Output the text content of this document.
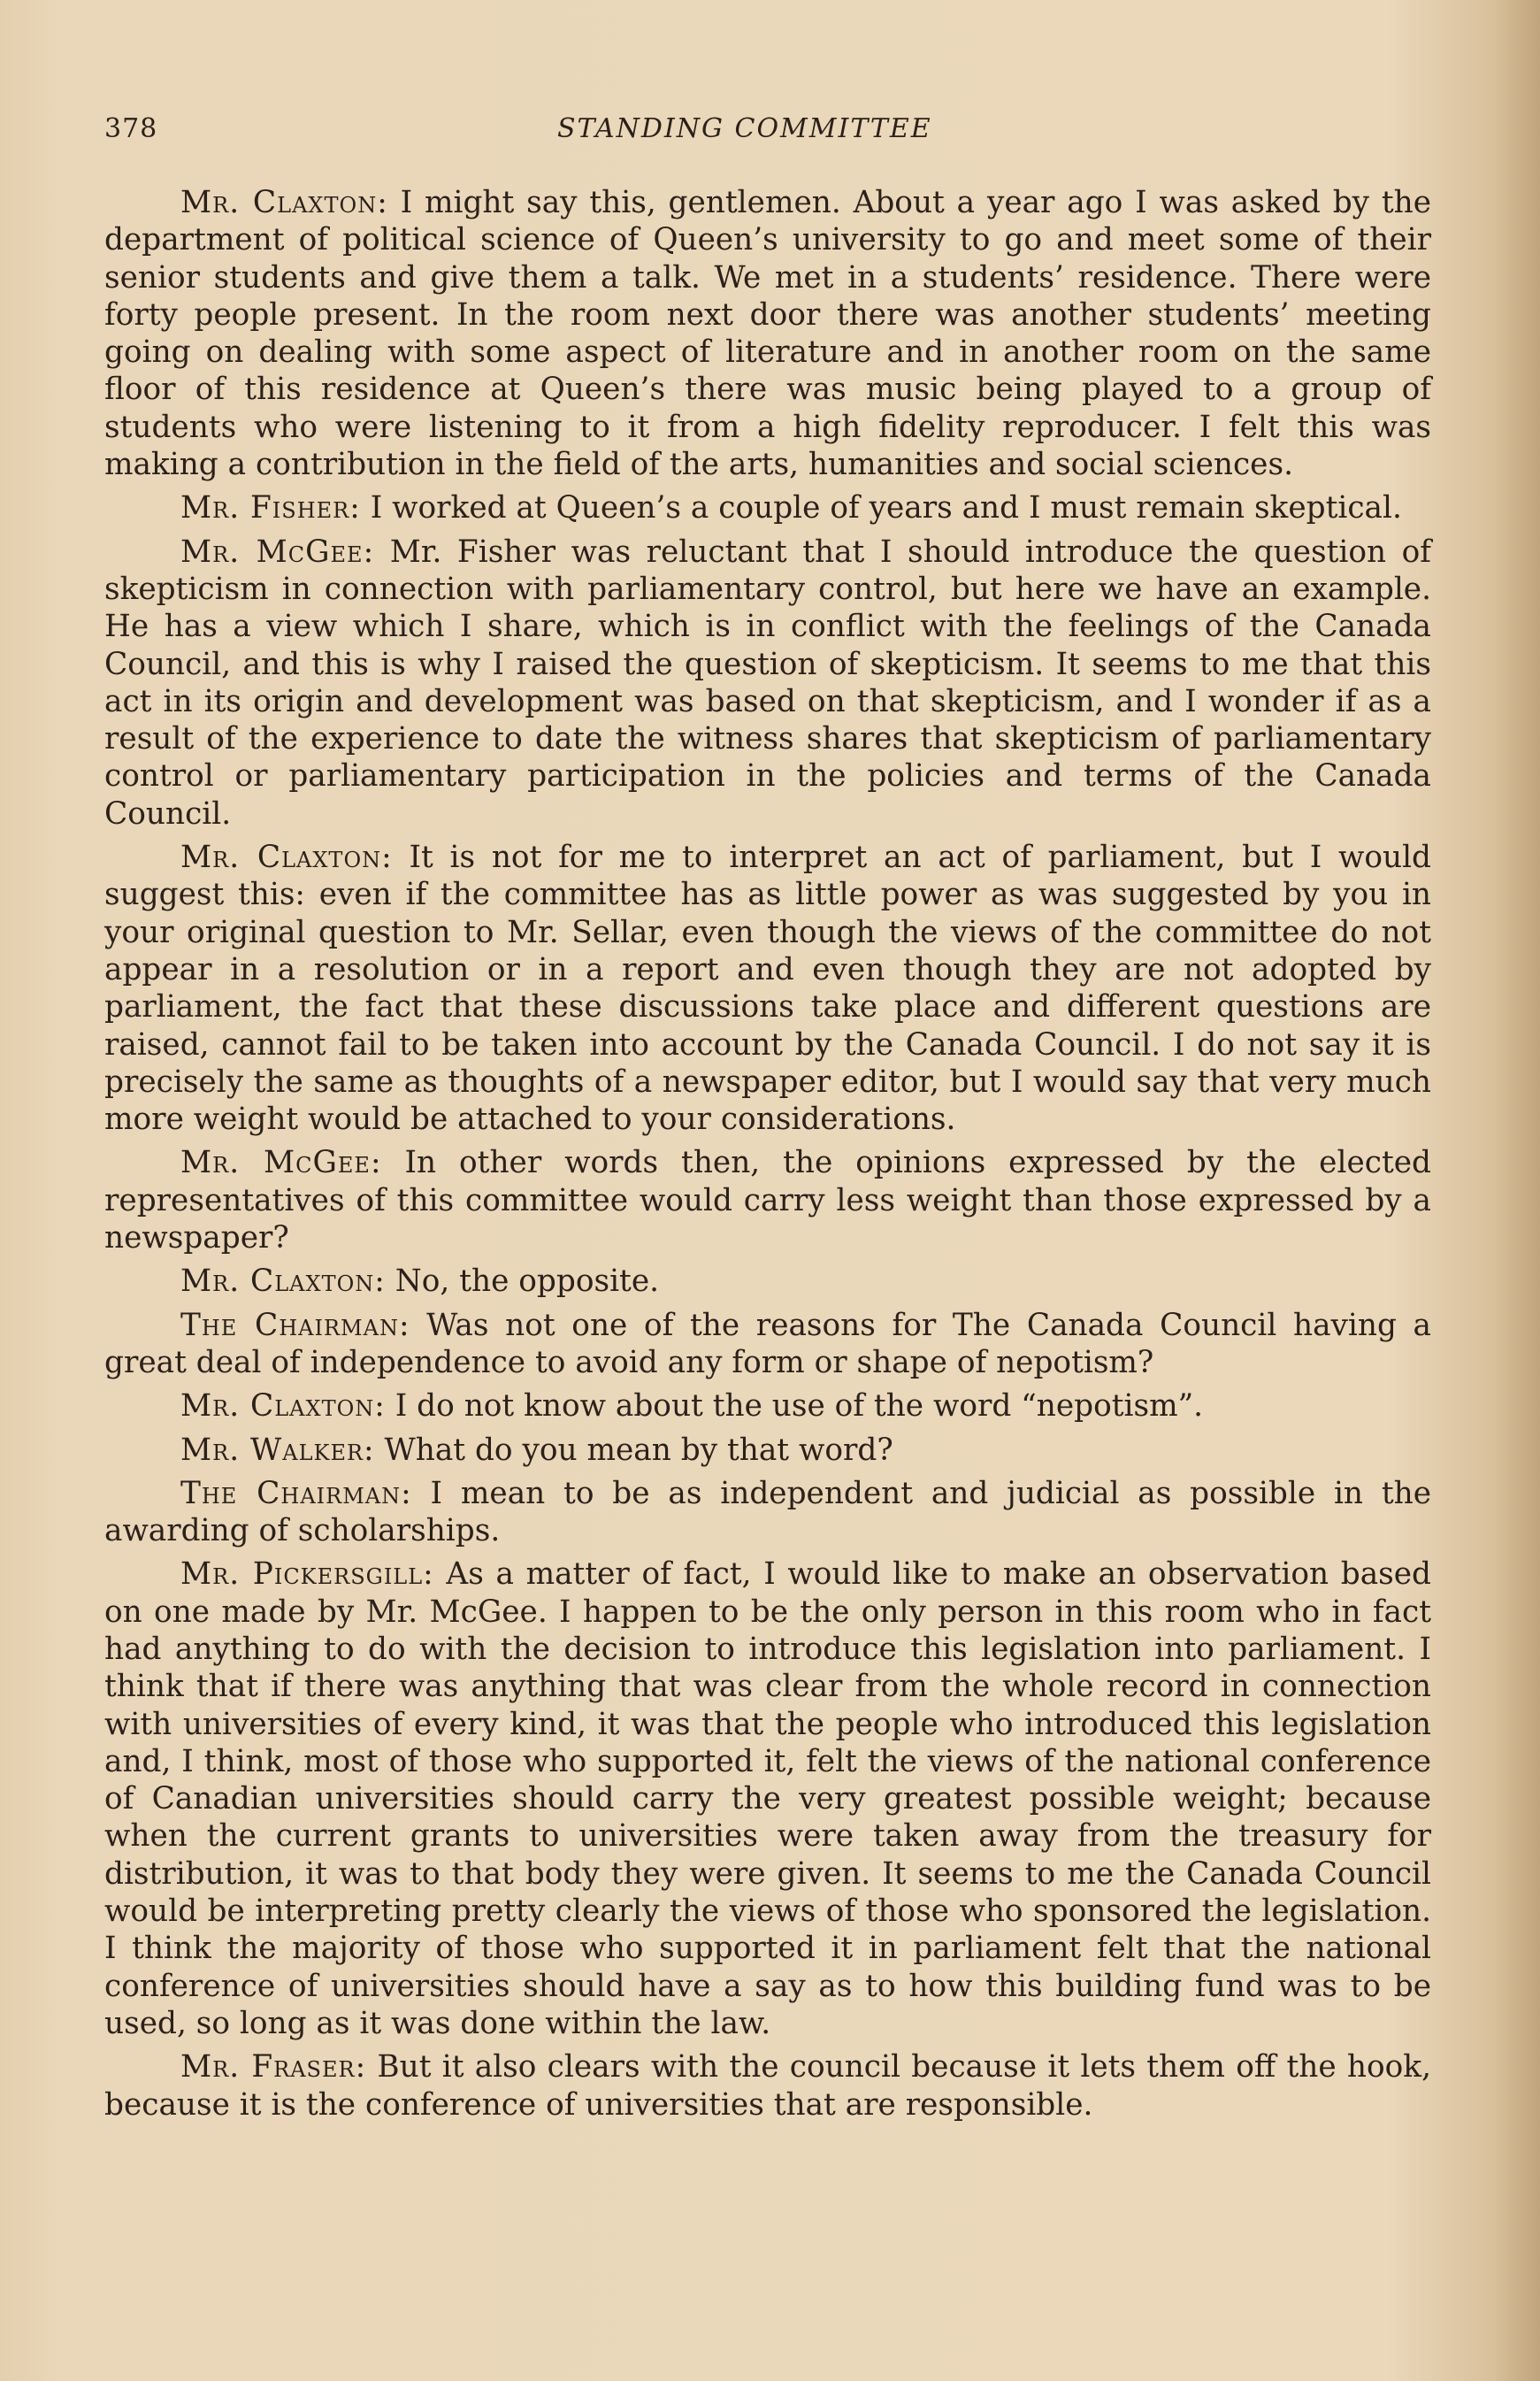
378	STANDING COMMITTEE

Mr. Claxton: I might say this, gentlemen. About a year ago I was asked by the department of political science of Queen’s university to go and meet some of their senior students and give them a talk. We met in a students’ residence. There were forty people present. In the room next door there was another students’ meeting going on dealing with some aspect of literature and in another room on the same floor of this residence at Queen’s there was music being played to a group of students who were listening to it from a high fidelity reproducer. I felt this was making a contribution in the field of the arts, humanities and social sciences.

Mr. Fisher: I worked at Queen’s a couple of years and I must remain skeptical.

Mr. McGee: Mr. Fisher was reluctant that I should introduce the question of skepticism in connection with parliamentary control, but here we have an example. He has a view which I share, which is in conflict with the feelings of the Canada Council, and this is why I raised the question of skepticism. It seems to me that this act in its origin and development was based on that skepticism, and I wonder if as a result of the experience to date the witness shares that skepticism of parliamentary control or parliamentary participation in the policies and terms of the Canada Council.

Mr. Claxton: It is not for me to interpret an act of parliament, but I would suggest this: even if the committee has as little power as was suggested by you in your original question to Mr. Sellar, even though the views of the committee do not appear in a resolution or in a report and even though they are not adopted by parliament, the fact that these discussions take place and different questions are raised, cannot fail to be taken into account by the Canada Council. I do not say it is precisely the same as thoughts of a newspaper editor, but I would say that very much more weight would be attached to your considerations.

Mr. McGee: In other words then, the opinions expressed by the elected representatives of this committee would carry less weight than those expressed by a newspaper?

Mr. Claxton: No, the opposite.

The Chairman: Was not one of the reasons for The Canada Council having a great deal of independence to avoid any form or shape of nepotism?

Mr. Claxton: I do not know about the use of the word “nepotism”.

Mr. Walker: What do you mean by that word?

The Chairman: I mean to be as independent and judicial as possible in the awarding of scholarships.

Mr. Pickersgill: As a matter of fact, I would like to make an observation based on one made by Mr. McGee. I happen to be the only person in this room who in fact had anything to do with the decision to introduce this legislation into parliament. I think that if there was anything that was clear from the whole record in connection with universities of every kind, it was that the people who introduced this legislation and, I think, most of those who supported it, felt the views of the national conference of Canadian universities should carry the very greatest possible weight; because when the current grants to universities were taken away from the treasury for distribution, it was to that body they were given. It seems to me the Canada Council would be interpreting pretty clearly the views of those who sponsored the legislation. I think the majority of those who supported it in parliament felt that the national conference of universities should have a say as to how this building fund was to be used, so long as it was done within the law.

Mr. Fraser: But it also clears with the council because it lets them off the hook, because it is the conference of universities that are responsible.
